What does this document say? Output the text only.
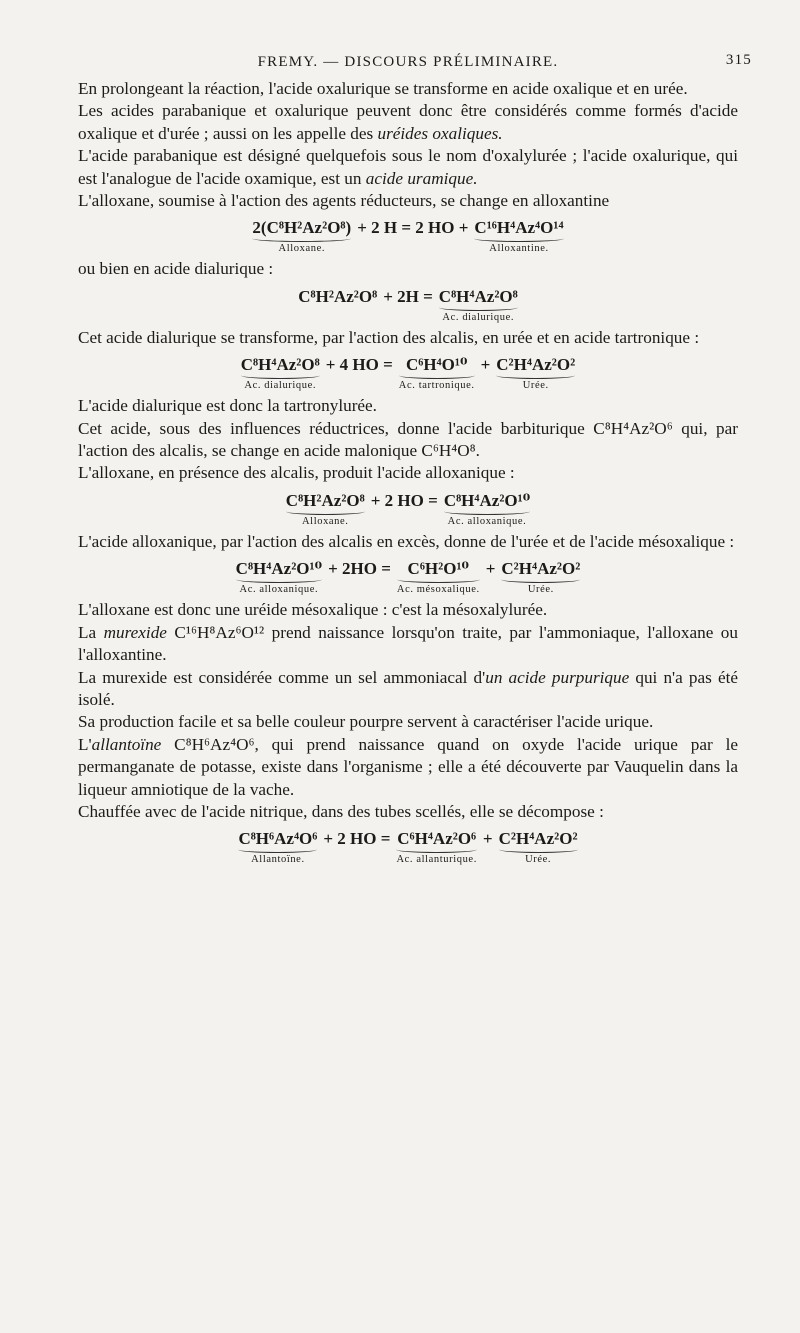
FREMY. — DISCOURS PRÉLIMINAIRE.	315

En prolongeant la réaction, l'acide oxalurique se transforme en acide oxalique et en urée.

Les acides parabanique et oxalurique peuvent donc être considérés comme formés d'acide oxalique et d'urée ; aussi on les appelle des uréides oxaliques.

L'acide parabanique est désigné quelquefois sous le nom d'oxalylurée ; l'acide oxalurique, qui est l'analogue de l'acide oxamique, est un acide uramique.

L'alloxane, soumise à l'action des agents réducteurs, se change en alloxantine

2(C⁸H²Az²O⁸)
Alloxane.
+ 2 H = 2 HO + C¹⁶H⁴Az⁴O¹⁴
Alloxantine.

ou bien en acide dialurique :

C⁸H²Az²O⁸ + 2H = C⁸H⁴Az²O⁸
Ac. dialurique.

Cet acide dialurique se transforme, par l'action des alcalis, en urée et en acide tartronique :

C⁸H⁴Az²O⁸
Ac. dialurique.
+ 4 HO = C⁶H⁴O¹⁰
Ac. tartronique.
+ C²H⁴Az²O²
Urée.

L'acide dialurique est donc la tartronylurée.

Cet acide, sous des influences réductrices, donne l'acide barbiturique C⁸H⁴Az²O⁶ qui, par l'action des alcalis, se change en acide malonique C⁶H⁴O⁸.

L'alloxane, en présence des alcalis, produit l'acide alloxanique :

C⁸H²Az²O⁸
Alloxane.
+ 2 HO = C⁸H⁴Az²O¹⁰
Ac. alloxanique.

L'acide alloxanique, par l'action des alcalis en excès, donne de l'urée et de l'acide mésoxalique :

C⁸H⁴Az²O¹⁰
Ac. alloxanique.
+ 2HO = C⁶H²O¹⁰
Ac. mésoxalique.
+ C²H⁴Az²O²
Urée.

L'alloxane est donc une uréide mésoxalique : c'est la mésoxalylurée.

La murexide C¹⁶H⁸Az⁶O¹² prend naissance lorsqu'on traite, par l'ammoniaque, l'alloxane ou l'alloxantine.

La murexide est considérée comme un sel ammoniacal d'un acide purpurique qui n'a pas été isolé.

Sa production facile et sa belle couleur pourpre servent à caractériser l'acide urique.

L'allantoïne C⁸H⁶Az⁴O⁶, qui prend naissance quand on oxyde l'acide urique par le permanganate de potasse, existe dans l'organisme ; elle a été découverte par Vauquelin dans la liqueur amniotique de la vache.

Chauffée avec de l'acide nitrique, dans des tubes scellés, elle se décompose :

C⁸H⁶Az⁴O⁶
Allantoïne.
+ 2 HO = C⁶H⁴Az²O⁶
Ac. allanturique.
+ C²H⁴Az²O²
Urée.
